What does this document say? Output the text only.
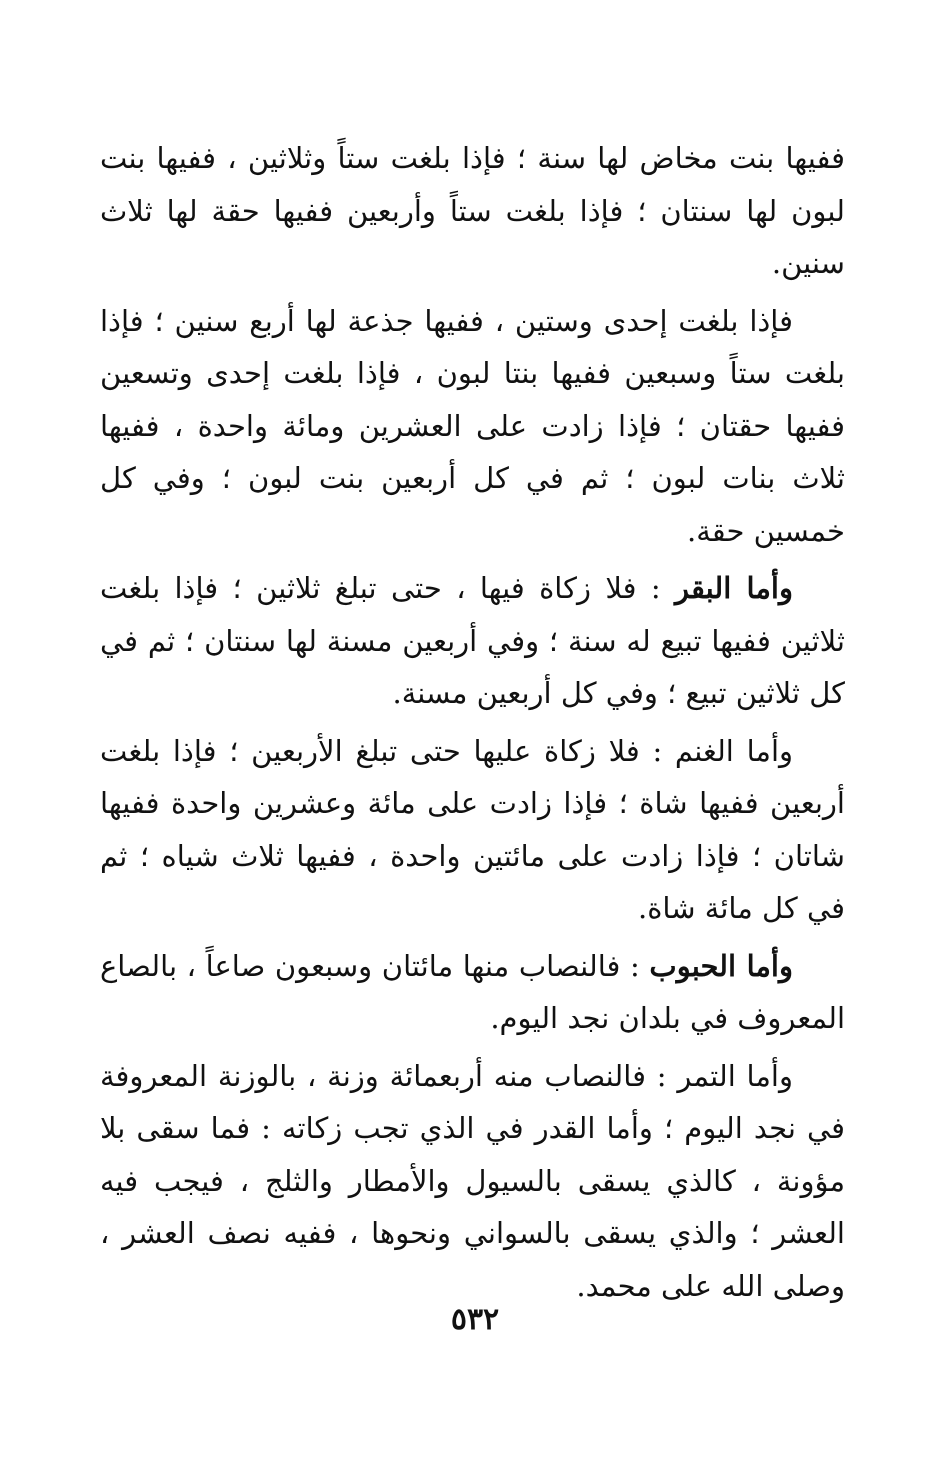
ففيها بنت مخاض لها سنة ؛ فإذا بلغت ستاً وثلاثين ، ففيها بنت لبون لها سنتان ؛ فإذا بلغت ستاً وأربعين ففيها حقة لها ثلاث سنين.

فإذا بلغت إحدى وستين ، ففيها جذعة لها أربع سنين ؛ فإذا بلغت ستاً وسبعين ففيها بنتا لبون ، فإذا بلغت إحدى وتسعين ففيها حقتان ؛ فإذا زادت على العشرين ومائة واحدة ، ففيها ثلاث بنات لبون ؛ ثم في كل أربعين بنت لبون ؛ وفي كل خمسين حقة.

وأما البقر : فلا زكاة فيها ، حتى تبلغ ثلاثين ؛ فإذا بلغت ثلاثين ففيها تبيع له سنة ؛ وفي أربعين مسنة لها سنتان ؛ ثم في كل ثلاثين تبيع ؛ وفي كل أربعين مسنة.

وأما الغنم : فلا زكاة عليها حتى تبلغ الأربعين ؛ فإذا بلغت أربعين ففيها شاة ؛ فإذا زادت على مائة وعشرين واحدة ففيها شاتان ؛ فإذا زادت على مائتين واحدة ، ففيها ثلاث شياه ؛ ثم في كل مائة شاة.

وأما الحبوب : فالنصاب منها مائتان وسبعون صاعاً ، بالصاع المعروف في بلدان نجد اليوم.

وأما التمر : فالنصاب منه أربعمائة وزنة ، بالوزنة المعروفة في نجد اليوم ؛ وأما القدر في الذي تجب زكاته : فما سقى بلا مؤونة ، كالذي يسقى بالسيول والأمطار والثلج ، فيجب فيه العشر ؛ والذي يسقى بالسواني ونحوها ، ففيه نصف العشر ، وصلى الله على محمد.

٥٣٢
